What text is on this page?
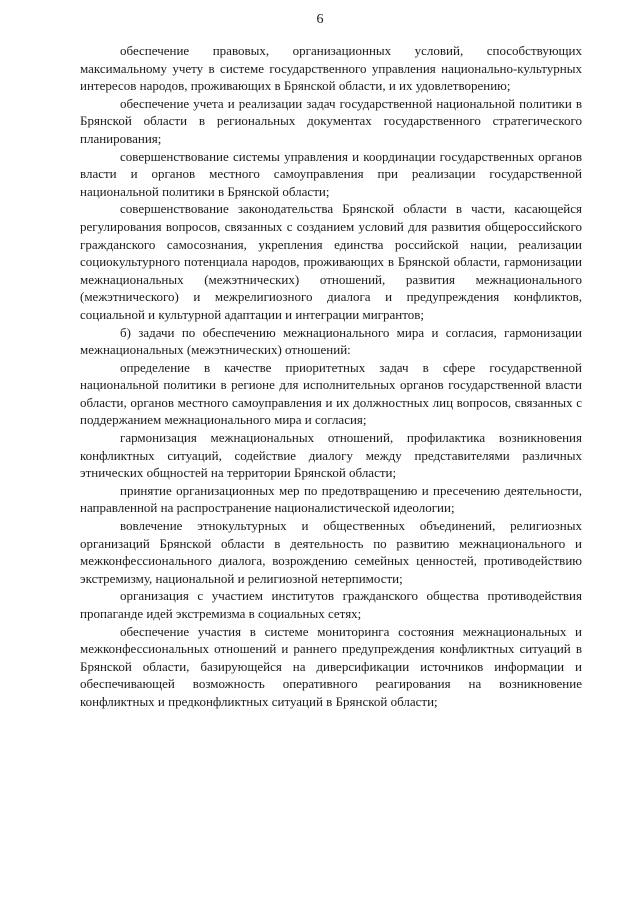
6

обеспечение правовых, организационных условий, способствующих максимальному учету в системе государственного управления национально-культурных интересов народов, проживающих в Брянской области, и их удовлетворению;

обеспечение учета и реализации задач государственной национальной политики в Брянской области в региональных документах государственного стратегического планирования;

совершенствование системы управления и координации государственных органов власти и органов местного самоуправления при реализации государственной национальной политики в Брянской области;

совершенствование законодательства Брянской области в части, касающейся регулирования вопросов, связанных с созданием условий для развития общероссийского гражданского самосознания, укрепления единства российской нации, реализации социокультурного потенциала народов, проживающих в Брянской области, гармонизации межнациональных (межэтнических) отношений, развития межнационального (межэтнического) и межрелигиозного диалога и предупреждения конфликтов, социальной и культурной адаптации и интеграции мигрантов;

б) задачи по обеспечению межнационального мира и согласия, гармонизации межнациональных (межэтнических) отношений:

определение в качестве приоритетных задач в сфере государственной национальной политики в регионе для исполнительных органов государственной власти области, органов местного самоуправления и их должностных лиц вопросов, связанных с поддержанием межнационального мира и согласия;

гармонизация межнациональных отношений, профилактика возникновения конфликтных ситуаций, содействие диалогу между представителями различных этнических общностей на территории Брянской области;

принятие организационных мер по предотвращению и пресечению деятельности, направленной на распространение националистической идеологии;

вовлечение этнокультурных и общественных объединений, религиозных организаций Брянской области в деятельность по развитию межнационального и межконфессионального диалога, возрождению семейных ценностей, противодействию экстремизму, национальной и религиозной нетерпимости;

организация с участием институтов гражданского общества противодействия пропаганде идей экстремизма в социальных сетях;

обеспечение участия в системе мониторинга состояния межнациональных и межконфессиональных отношений и раннего предупреждения конфликтных ситуаций в Брянской области, базирующейся на диверсификации источников информации и обеспечивающей возможность оперативного реагирования на возникновение конфликтных и предконфликтных ситуаций в Брянской области;
